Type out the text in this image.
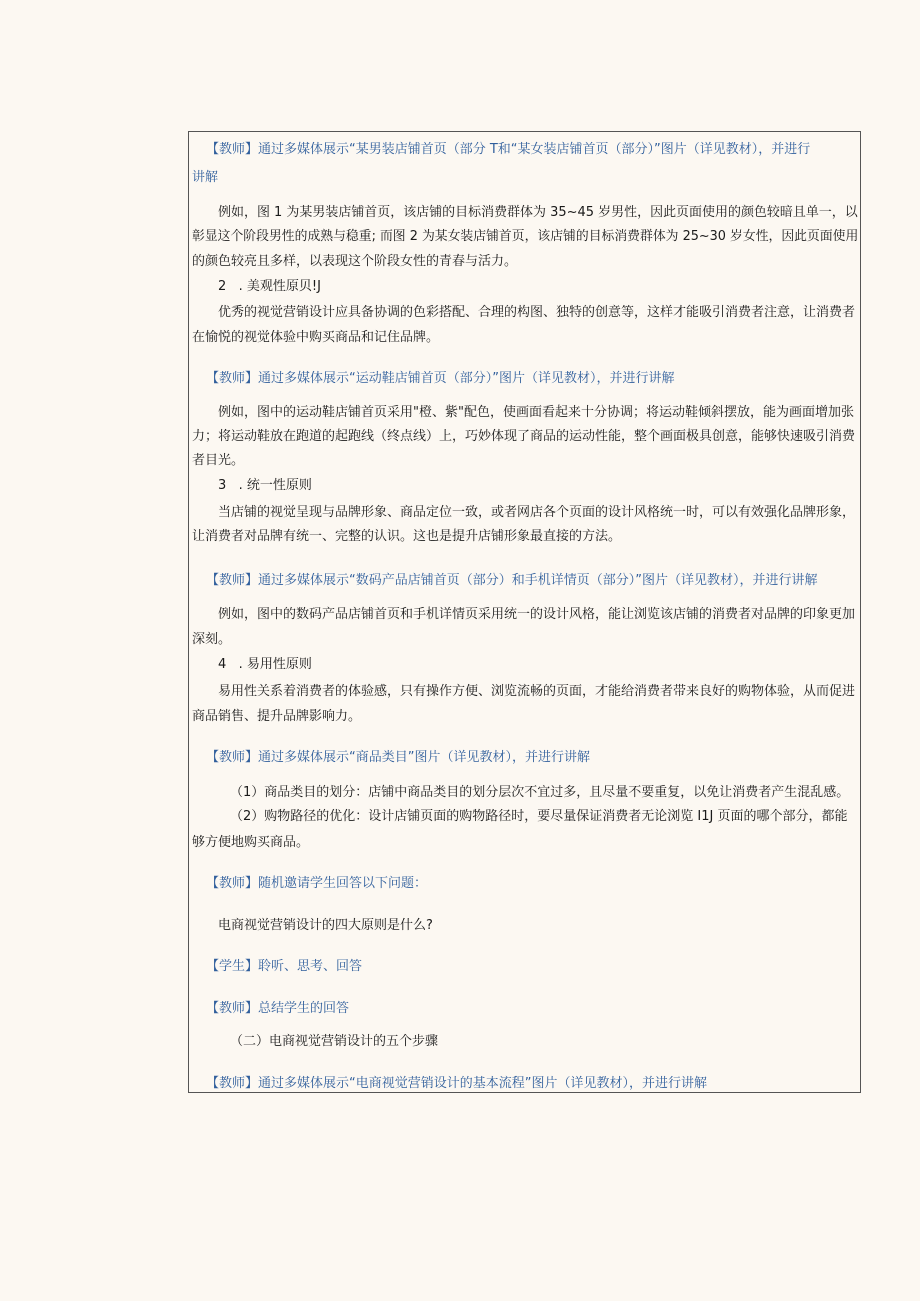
【教师】通过多媒体展示“某男装店铺首页（部分 T和“某女装店铺首页（部分）”图片（详见教材），并进行
讲解
例如，图 1 为某男装店铺首页，该店铺的目标消费群体为 35~45 岁男性，因此页面使用的颜色较暗且单一，以
彰显这个阶段男性的成熟与稳重; 而图 2 为某女装店铺首页，该店铺的目标消费群体为 25~30 岁女性，因此页面使用
的颜色较亮且多样，以表现这个阶段女性的青春与活力。
2   . 美观性原贝!J
优秀的视觉营销设计应具备协调的色彩搭配、合理的构图、独特的创意等，这样才能吸引消费者注意，让消费者
在愉悦的视觉体验中购买商品和记住品牌。
【教师】通过多媒体展示“运动鞋店铺首页（部分）”图片（详见教材），并进行讲解
例如，图中的运动鞋店铺首页采用"橙、紫"配色，使画面看起来十分协调；将运动鞋倾斜摆放，能为画面增加张
力；将运动鞋放在跑道的起跑线（终点线）上，巧妙体现了商品的运动性能，整个画面极具创意，能够快速吸引消费
者目光。
3   . 统一性原则
当店铺的视觉呈现与品牌形象、商品定位一致，或者网店各个页面的设计风格统一时，可以有效强化品牌形象，
让消费者对品牌有统一、完整的认识。这也是提升店铺形象最直接的方法。
【教师】通过多媒体展示“数码产品店铺首页（部分）和手机详情页（部分）”图片（详见教材），并进行讲解
例如，图中的数码产品店铺首页和手机详情页采用统一的设计风格，能让浏览该店铺的消费者对品牌的印象更加
深刻。
4   . 易用性原则
易用性关系着消费者的体验感，只有操作方便、浏览流畅的页面，才能给消费者带来良好的购物体验，从而促进
商品销售、提升品牌影响力。
【教师】通过多媒体展示“商品类目”图片（详见教材），并进行讲解
（1）商品类目的划分：店铺中商品类目的划分层次不宜过多，且尽量不要重复，以免让消费者产生混乱感。
（2）购物路径的优化：设计店铺页面的购物路径时，要尽量保证消费者无论浏览 I1J 页面的哪个部分，都能
够方便地购买商品。
【教师】随机邀请学生回答以下问题：
电商视觉营销设计的四大原则是什么?
【学生】聆听、思考、回答
【教师】总结学生的回答
（二）电商视觉营销设计的五个步骤
【教师】通过多媒体展示“电商视觉营销设计的基本流程”图片（详见教材），并进行讲解
